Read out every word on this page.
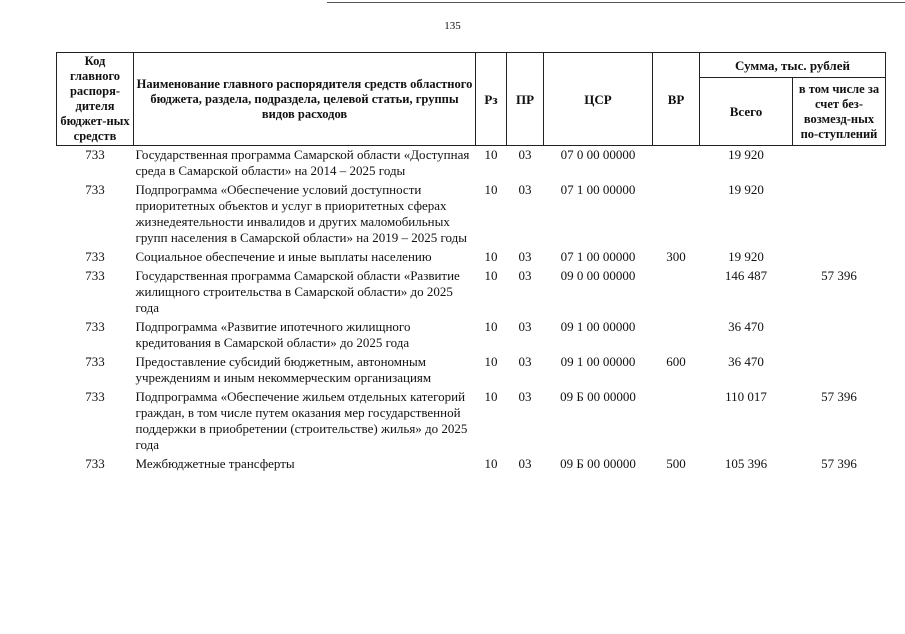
135
Код главного распоря-дителя бюджет-ных средств	Наименование главного распорядителя средств областного бюджета, раздела, подраздела, целевой статьи, группы видов расходов	Рз	ПР	ЦСР	ВР	Сумма, тыс. рублей	
						Всего	в том числе за счет без-возмезд-ных по-ступлений
733	Государственная программа Самарской области «Доступная среда в Самарской области» на 2014 – 2025 годы	10	03	07 0 00 00000		19 920	
733	Подпрограмма «Обеспечение условий доступности приоритетных объектов и услуг в приоритетных сферах жизнедеятельности инвалидов и других маломобильных групп населения в Самарской области» на 2019 – 2025 годы	10	03	07 1 00 00000		19 920	
733	Социальное обеспечение и иные выплаты населению	10	03	07 1 00 00000	300	19 920	
733	Государственная программа Самарской области «Развитие жилищного строительства в Самарской области» до 2025 года	10	03	09 0 00 00000		146 487	57 396
733	Подпрограмма «Развитие ипотечного жилищного кредитования в Самарской области» до 2025 года	10	03	09 1 00 00000		36 470	
733	Предоставление субсидий бюджетным, автономным учреждениям и иным некоммерческим организациям	10	03	09 1 00 00000	600	36 470	
733	Подпрограмма «Обеспечение жильем отдельных категорий граждан, в том числе путем оказания мер государственной поддержки в приобретении (строительстве) жилья» до 2025 года	10	03	09 Б 00 00000		110 017	57 396
733	Межбюджетные трансферты	10	03	09 Б 00 00000	500	105 396	57 396
